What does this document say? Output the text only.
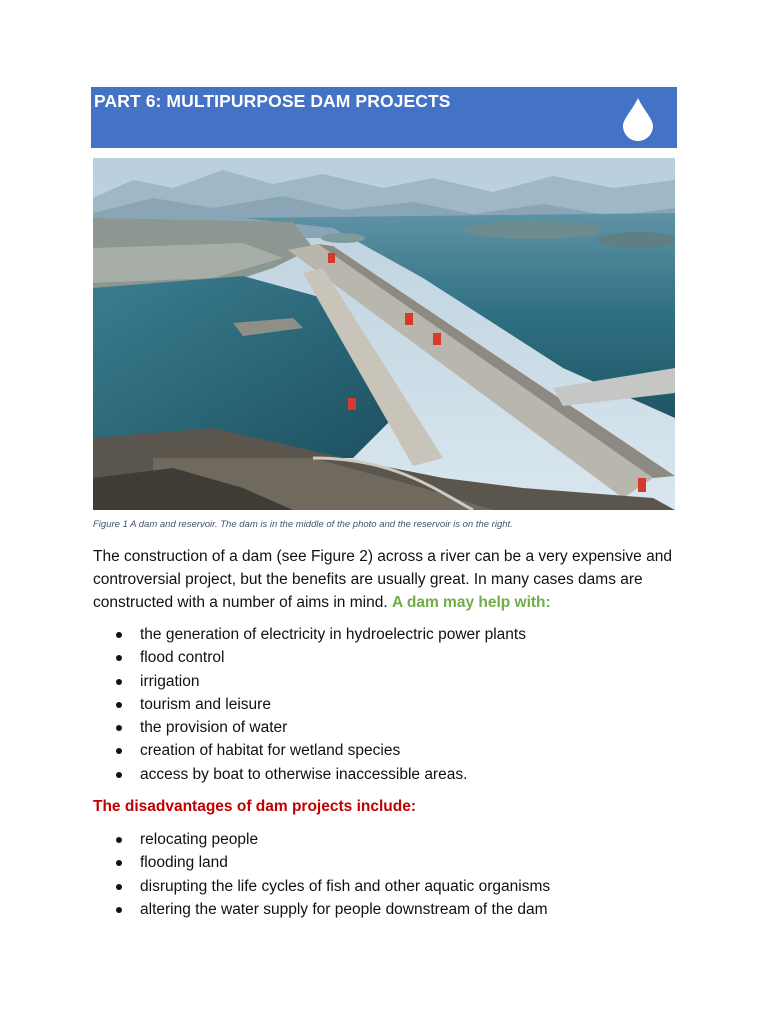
PART 6: MULTIPURPOSE DAM PROJECTS
Figure 1 A dam and reservoir. The dam is in the middle of the photo and the reservoir is on the right.

The construction of a dam (see Figure 2) across a river can be a very expensive and controversial project, but the benefits are usually great. In many cases dams are constructed with a number of aims in mind. A dam may help with:

the generation of electricity in hydroelectric power plants
flood control
irrigation
tourism and leisure
the provision of water
creation of habitat for wetland species
access by boat to otherwise inaccessible areas.
The disadvantages of dam projects include:
relocating people
flooding land
disrupting the life cycles of fish and other aquatic organisms
altering the water supply for people downstream of the dam
